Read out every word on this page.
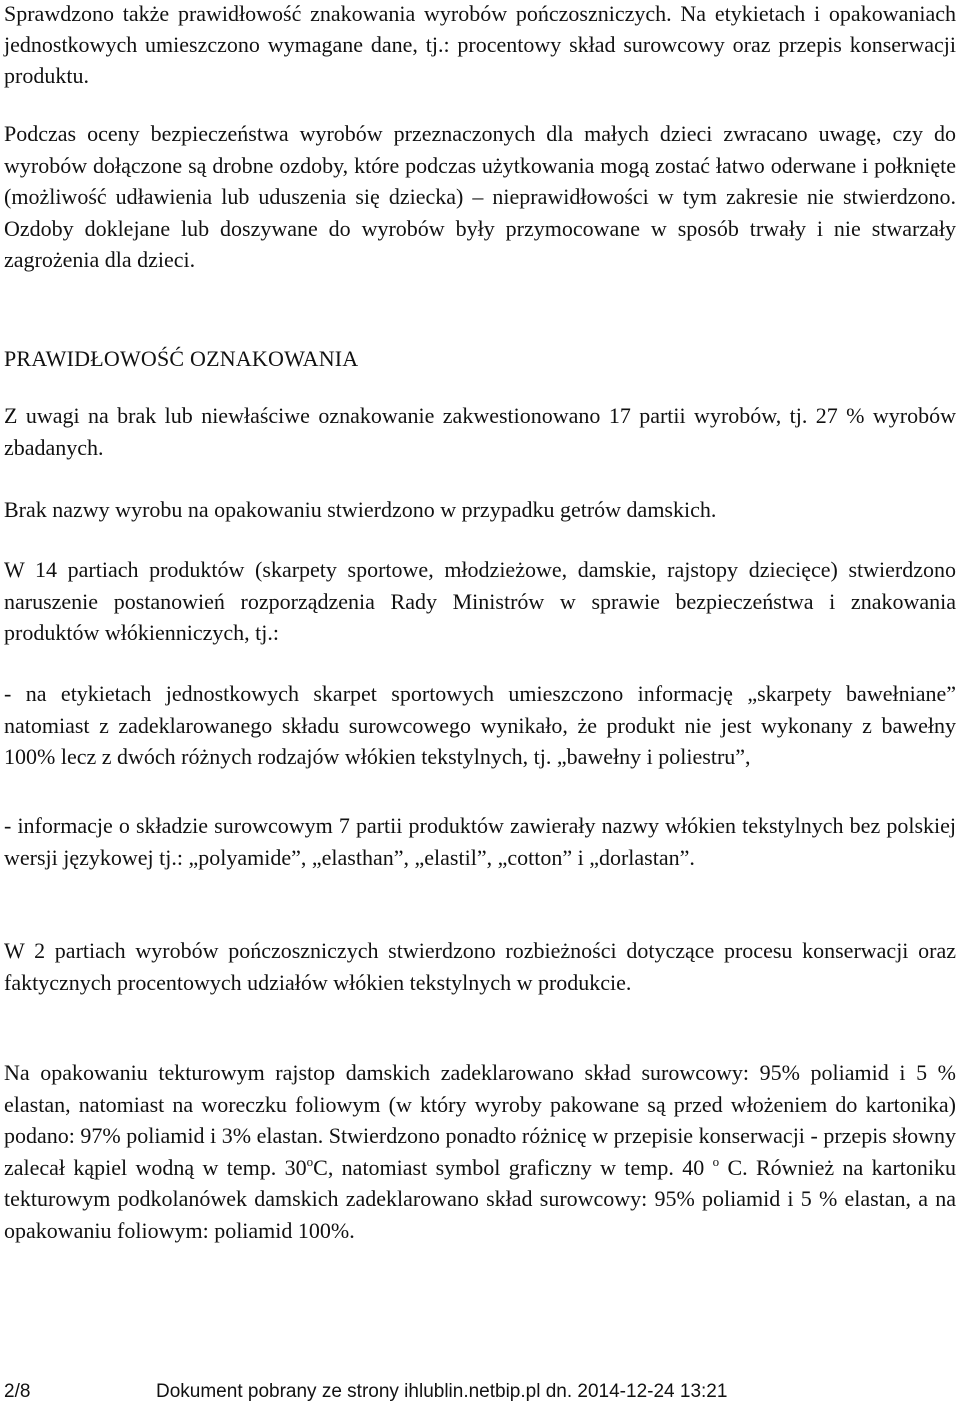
Sprawdzono także prawidłowość znakowania wyrobów pończoszniczych. Na etykietach i opakowaniach jednostkowych umieszczono wymagane dane, tj.: procentowy skład surowcowy oraz przepis konserwacji produktu.

Podczas oceny bezpieczeństwa wyrobów przeznaczonych dla małych dzieci zwracano uwagę, czy do wyrobów dołączone są drobne ozdoby, które podczas użytkowania mogą zostać łatwo oderwane i połknięte (możliwość udławienia lub uduszenia się dziecka) – nieprawidłowości w tym zakresie nie stwierdzono. Ozdoby doklejane lub doszywane do wyrobów były przymocowane w sposób trwały i nie stwarzały zagrożenia dla dzieci.

PRAWIDŁOWOŚĆ OZNAKOWANIA

Z uwagi na brak lub niewłaściwe oznakowanie zakwestionowano 17 partii wyrobów, tj. 27 % wyrobów zbadanych.

Brak nazwy wyrobu na opakowaniu stwierdzono w przypadku getrów damskich.

W 14 partiach produktów (skarpety sportowe, młodzieżowe, damskie, rajstopy dziecięce) stwierdzono naruszenie postanowień rozporządzenia Rady Ministrów w sprawie bezpieczeństwa i znakowania produktów włókienniczych, tj.:

- na etykietach jednostkowych skarpet sportowych umieszczono informację „skarpety bawełniane” natomiast z zadeklarowanego składu surowcowego wynikało, że produkt nie jest wykonany z bawełny 100% lecz z dwóch różnych rodzajów włókien tekstylnych, tj. „bawełny i poliestru”,

- informacje o składzie surowcowym 7 partii produktów zawierały nazwy włókien tekstylnych bez polskiej wersji językowej tj.: „polyamide”, „elasthan”, „elastil”, „cotton” i „dorlastan”.

W 2 partiach wyrobów pończoszniczych stwierdzono rozbieżności dotyczące procesu konserwacji oraz faktycznych procentowych udziałów włókien tekstylnych w produkcie.

Na opakowaniu tekturowym rajstop damskich zadeklarowano skład surowcowy: 95% poliamid i 5 % elastan, natomiast na woreczku foliowym (w który wyroby pakowane są przed włożeniem do kartonika) podano: 97% poliamid i 3% elastan. Stwierdzono ponadto różnicę w przepisie konserwacji - przepis słowny zalecał kąpiel wodną w temp. 30$^o$C, natomiast symbol graficzny w temp. 40 $^o$ C. Również na kartoniku tekturowym podkolanówek damskich zadeklarowano skład surowcowy: 95% poliamid i 5 % elastan, a na opakowaniu foliowym: poliamid 100%.

2/8	Dokument pobrany ze strony ihlublin.netbip.pl dn. 2014-12-24 13:21
